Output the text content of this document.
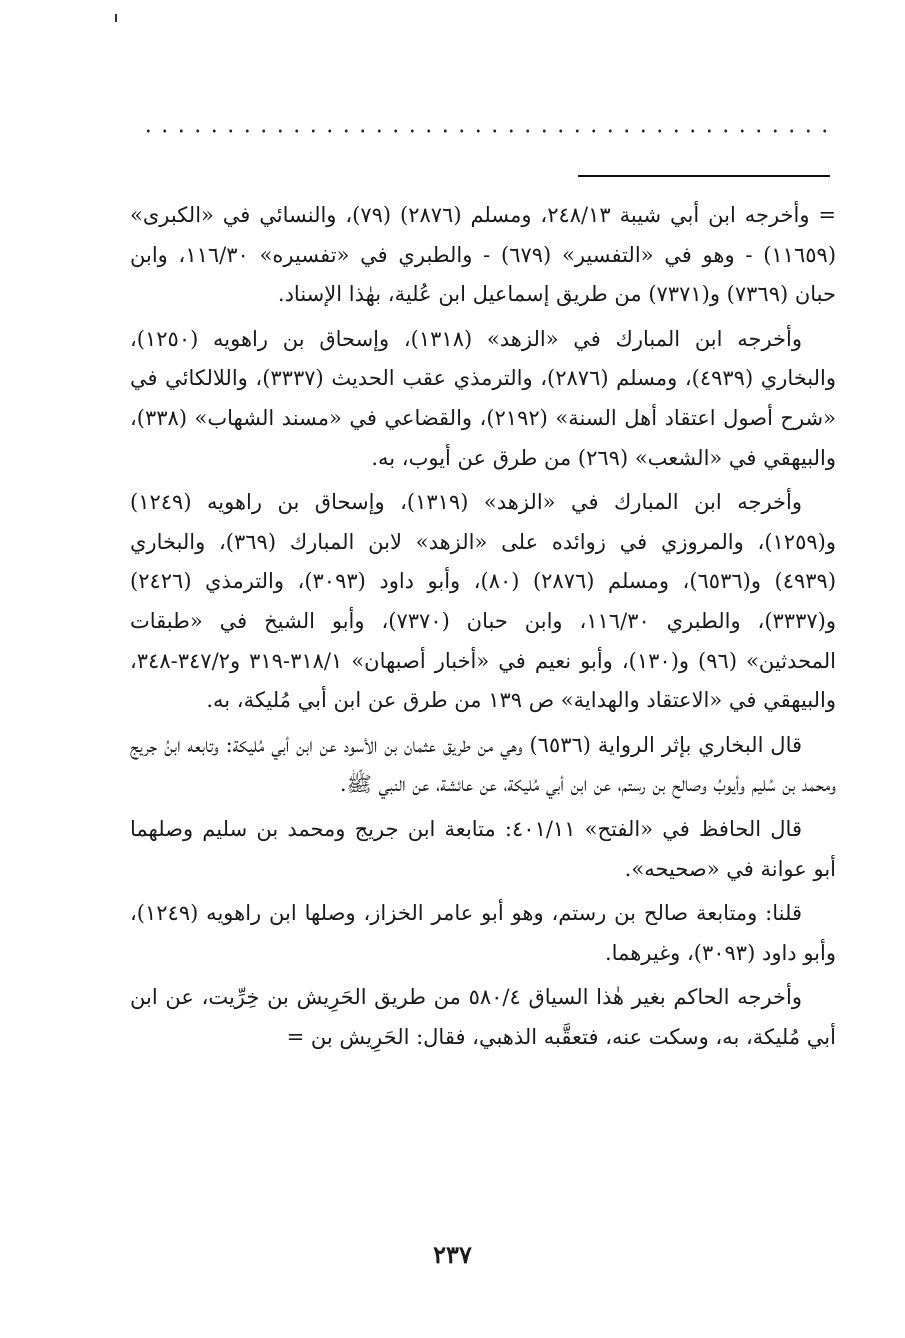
= وأخرجه ابن أبي شيبة ٢٤٨/١٣، ومسلم (٢٨٧٦) (٧٩)، والنسائي في «الكبرى» (١١٦٥٩) - وهو في «التفسير» (٦٧٩) - والطبري في «تفسيره» ١١٦/٣٠، وابن حبان (٧٣٦٩) و(٧٣٧١) من طريق إسماعيل ابن عُلية، بهٰذا الإسناد.

وأخرجه ابن المبارك في «الزهد» (١٣١٨)، وإسحاق بن راهويه (١٢٥٠)، والبخاري (٤٩٣٩)، ومسلم (٢٨٧٦)، والترمذي عقب الحديث (٣٣٣٧)، واللالكائي في «شرح أصول اعتقاد أهل السنة» (٢١٩٢)، والقضاعي في «مسند الشهاب» (٣٣٨)، والبيهقي في «الشعب» (٢٦٩) من طرق عن أيوب، به.

وأخرجه ابن المبارك في «الزهد» (١٣١٩)، وإسحاق بن راهويه (١٢٤٩) و(١٢٥٩)، والمروزي في زوائده على «الزهد» لابن المبارك (٣٦٩)، والبخاري (٤٩٣٩) و(٦٥٣٦)، ومسلم (٢٨٧٦) (٨٠)، وأبو داود (٣٠٩٣)، والترمذي (٢٤٢٦) و(٣٣٣٧)، والطبري ١١٦/٣٠، وابن حبان (٧٣٧٠)، وأبو الشيخ في «طبقات المحدثين» (٩٦) و(١٣٠)، وأبو نعيم في «أخبار أصبهان» ٣١٨/١-٣١٩ و٣٤٧/٢-٣٤٨، والبيهقي في «الاعتقاد والهداية» ص ١٣٩ من طرق عن ابن أبي مُليكة، به.

قال البخاري بإثر الرواية (٦٥٣٦) وهي من طريق عثمان بن الأسود عن ابن أبي مُليكة: وتابعه ابنُ جريج ومحمد بن سُليم وأيوبُ وصالح بن رستم، عن ابن أبي مُليكة، عن عائشة، عن النبي ﷺ.

قال الحافظ في «الفتح» ٤٠١/١١: متابعة ابن جريج ومحمد بن سليم وصلهما أبو عوانة في «صحيحه».

قلنا: ومتابعة صالح بن رستم، وهو أبو عامر الخزاز، وصلها ابن راهويه (١٢٤٩)، وأبو داود (٣٠٩٣)، وغيرهما.

وأخرجه الحاكم بغير هٰذا السياق ٥٨٠/٤ من طريق الحَرِيش بن خِرِّيت، عن ابن أبي مُليكة، به، وسكت عنه، فتعقَّبه الذهبي، فقال: الحَرِيش بن =

٢٣٧
